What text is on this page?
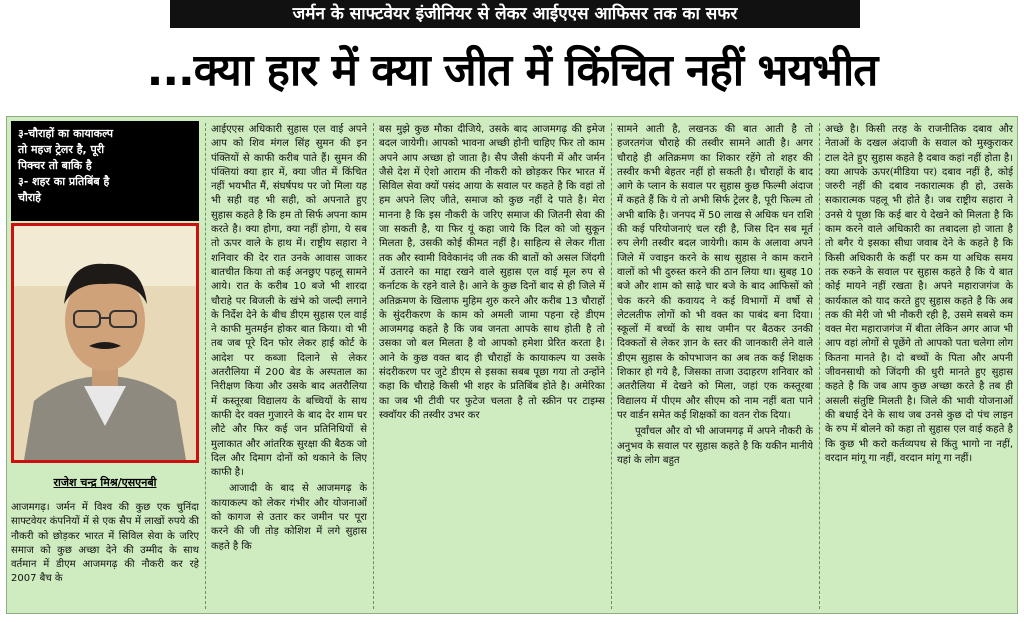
जर्मन के साफ्टवेयर इंजीनियर से लेकर आईएएस आफिसर तक का सफर
...क्या हार में क्या जीत में किंचित नहीं भयभीत
३-चौराहों का कायाकल्प
तो महज ट्रेलर है, पूरी
पिक्चर तो बाकि है
३- शहर का प्रतिबिंब है
चौराहे
राजेश चन्द्र मिश्र/एसएनबी

आजमगढ़। जर्मन में विश्व की कुछ एक चुनिंदा साफ्टवेयर कंपनियों में से एक सैप में लाखों रुपये की नौकरी को छोड़कर भारत में सिविल सेवा के जरिए समाज को कुछ अच्छा देने की उम्मीद के साथ वर्तमान में डीएम आजमगढ़ की नौकरी कर रहे 2007 बैच के

आईएएस अधिकारी सुहास एल वाई अपने आप को शिव मंगल सिंह सुमन की इन पंक्तियों से काफी करीब पाते हैं। सुमन की पंक्तियां क्या हार में, क्या जीत में किंचित नहीं भयभीत मैं, संघर्षपथ पर जो मिला यह भी सही वह भी सही, को अपनाते हुए सुहास कहते है कि हम तो सिर्फ अपना काम करते है। क्या होगा, क्या नहीं होगा, ये सब तो ऊपर वाले के हाथ में। राष्ट्रीय सहारा ने शनिवार की देर रात उनके आवास जाकर बातचीत किया तो कई अनछुए पहलू सामने आये। रात के करीब 10 बजे भी शारदा चौराहे पर बिजली के खंभे को जल्दी लगाने के निर्देश देने के बीच डीएम सुहास एल वाई ने काफी मुतमईन होकर बात किया। वो भी तब जब पूरे दिन फोर लेकर हाई कोर्ट के आदेश पर कब्जा दिलाने से लेकर अतरौलिया में 200 बेड के अस्पताल का निरीक्षण किया और उसके बाद अतरौलिया में कस्तूरबा विद्यालय के बच्चियों के साथ काफी देर वक्त गुजारने के बाद देर शाम घर लौटे और फिर कई जन प्रतिनिधियों से मुलाकात और आंतरिक सुरक्षा की बैठक जो दिल और दिमाग दोनों को थकाने के लिए काफी है।

आजादी के बाद से आजमगढ़ के कायाकल्प को लेकर गंभीर और योजनाओं को कागज से उतार कर जमीन पर पूरा करने की जी तोड़ कोशिश में लगे सुहास कहते है कि

बस मुझे कुछ मौका दीजिये, उसके बाद आजमगढ़ की इमेज बदल जायेगी। आपको भावना अच्छी होनी चाहिए फिर तो काम अपने आप अच्छा हो जाता है। सैप जैसी कंपनी में और जर्मन जैसे देश में ऐशो आराम की नौकरी को छोड़कर फिर भारत में सिविल सेवा क्यों पसंद आया के सवाल पर कहते है कि वहां तो हम अपने लिए जीते, समाज को कुछ नहीं दे पाते है। मेरा मानना है कि इस नौकरी के जरिए समाज की जितनी सेवा की जा सकती है, या फिर यूं कहा जाये कि दिल को जो सुकून मिलता है, उसकी कोई कीमत नहीं है। साहित्य से लेकर गीता तक और स्वामी विवेकानंद जी तक की बातों को असल जिंदगी में उतारने का माद्दा रखने वाले सुहास एल वाई मूल रुप से कर्नाटक के रहने वाले है। आने के कुछ दिनों बाद से ही जिले में अतिक्रमण के खिलाफ मुहिम शुरु करने और करीब 13 चौराहों के सुंदरीकरण के काम को अमली जामा पहना रहे डीएम आजमगढ़ कहते है कि जब जनता आपके साथ होती है तो उसका जो बल मिलता है वो आपको हमेशा प्रेरित करता है। आने के कुछ वक्त बाद ही चौराहों के कायाकल्प या उसके संदरीकरण पर जुटे डीएम से इसका सबब पूछा गया तो उन्होंने कहा कि चौराहे किसी भी शहर के प्रतिबिंब होते है। अमेरिका का जब भी टीवी पर फुटेज चलता है तो स्क्रीन पर टाइम्स स्क्वॉयर की तस्वीर उभर कर

सामने आती है, लखनऊ की बात आती है तो हजरतगंज चौराहे की तस्वीर सामने आती है। अगर चौराहे ही अतिक्रमण का शिकार रहेंगे तो शहर की तस्वीर कभी बेहतर नहीं हो सकती है। चौराहों के बाद आगे के प्लान के सवाल पर सुहास कुछ फिल्मी अंदाज में कहते हैं कि ये तो अभी सिर्फ ट्रेलर है, पूरी फिल्म तो अभी बाकि है। जनपद में 50 लाख से अधिक धन राशि की कई परियोजनाएं चल रही है, जिस दिन सब मूर्त रुप लेगी तस्वीर बदल जायेगी। काम के अलावा अपने जिले में ज्वाइन करने के साथ सुहास ने काम कराने वालों को भी दुरुस्त करने की ठान लिया था। सुबह 10 बजे और शाम को साढ़े चार बजे के बाद आफिसों को चेक करने की कवायद ने कई विभागों में वर्षो से लेटलतीफ लोगों को भी वक्त का पाबंद बना दिया। स्कूलों में बच्चों के साथ जमीन पर बैठकर उनकी दिक्कतों से लेकर ज्ञान के स्तर की जानकारी लेने वाले डीएम सुहास के कोपभाजन का अब तक कई शिक्षक शिकार हो गये है, जिसका ताजा उदाहरण शनिवार को अतरौलिया में देखने को मिला, जहां एक कस्तूरबा विद्यालय में पीएम और सीएम को नाम नहीं बता पाने पर वार्डन समेत कई शिक्षकों का वतन रोक दिया।

पूर्वांचल और वो भी आजमगढ़ में अपने नौकरी के अनुभव के सवाल पर सुहास कहते है कि यकीन मानीये यहां के लोग बहुत

अच्छे है। किसी तरह के राजनीतिक दबाव और नेताओं के दखल अंदाजी के सवाल को मुस्कुराकर टाल देते हुए सुहास कहते है दबाव कहां नहीं होता है। क्या आपके ऊपर(मीडिया पर) दबाव नहीं है, कोई जरुरी नहीं की दबाव नकारात्मक ही हो, उसके सकारात्मक पहलू भी होते है। जब राष्ट्रीय सहारा ने उनसे ये पूछा कि कई बार ये देखने को मिलता है कि काम करने वाले अधिकारी का तबादला हो जाता है तो बगैर ये इसका सीधा जवाब देने के कहते है कि किसी अधिकारी के कहीं पर कम या अधिक समय तक रुकने के सवाल पर सुहास कहते है कि ये बात कोई मायने नहीं रखता है। अपने महाराजगंज के कार्यकाल को याद करते हुए सुहास कहते है कि अब तक की मेरी जो भी नौकरी रही है, उसमे सबसे कम वक्त मेरा महाराजगंज में बीता लेकिन अगर आज भी आप वहां लोगों से पूछेंगे तो आपको पता चलेगा लोग कितना मानते है। दो बच्चों के पिता और अपनी जीवनसाथी को जिंदगी की धुरी मानते हुए सुहास कहते है कि जब आप कुछ अच्छा करते है तब ही असली संतुष्टि मिलती है। जिले की भावी योजनाओं की बधाई देने के साथ जब उनसे कुछ दो पंच लाइन के रुप में बोलने को कहा तो सुहास एल वाई कहते है कि कुछ भी करो कर्तव्यपथ से किंतु भागो ना नहीं, वरदान मांगू गा नहीं, वरदान मांगू गा नहीं।
